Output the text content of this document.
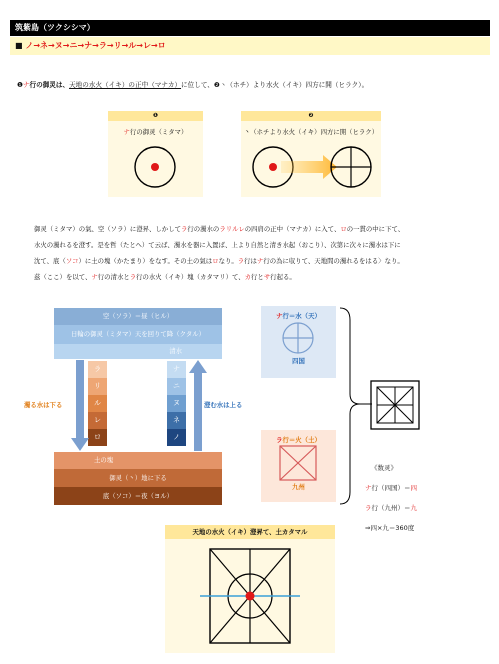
筑紫島（ツクシシマ）
■ ノ→ネ→ヌ→ニ→ナ→ラ→リ→ル→レ→ロ
❶ナ行の御灵は、天地の水火（イキ）の正中（マナカ）に位して、❷丶（ホチ）より水火（イキ）四方に開（ヒラク）。
❶
ナ行の御灵（ミタマ）
❷
丶（ホチより水火（イキ）四方に開（ヒラク）
御灵（ミタマ）の氣、空（ソラ）に澄昇、しかしてラ行の濁水のラリルレの四肩の正中（マナカ）に入て、ロの一貫の中に下て、
水火の濁れるを澄す。是を哲（たとへ）て云ば、濁水を器に入置ば、上より自然と清き水起（おこり）、次第に次々に濁水は下に
沈て、底（ソコ）に土の塊（かたまり）をなす。その土の氣はロなり。ラ行はナ行の為に収りて、天地間の濁れるをはる〉なり。
茲（ここ）を以て、ナ行の清水とラ行の水火（イキ）塊（カタマリ）て、カ行とサ行起る。
空（ソラ）＝昼（ヒル）
日輪の御灵（ミタマ）天を回りて降（クタル）
清水
ラ
リ
ル
レ
ロ
ナ
ニ
ヌ
ネ
ノ
濁る水は下る	澄む水は上る
土の塊
御灵（丶）地に下る
底（ソコ）＝夜（ヨル）
ナ行＝水（天）
四国
ラ行＝火（土）
九州
《数灵》
ナ行（四国）＝四
ラ行（九州）＝九
⇒四×九＝360度
天地の水火（イキ）澄昇て、土カタマル
